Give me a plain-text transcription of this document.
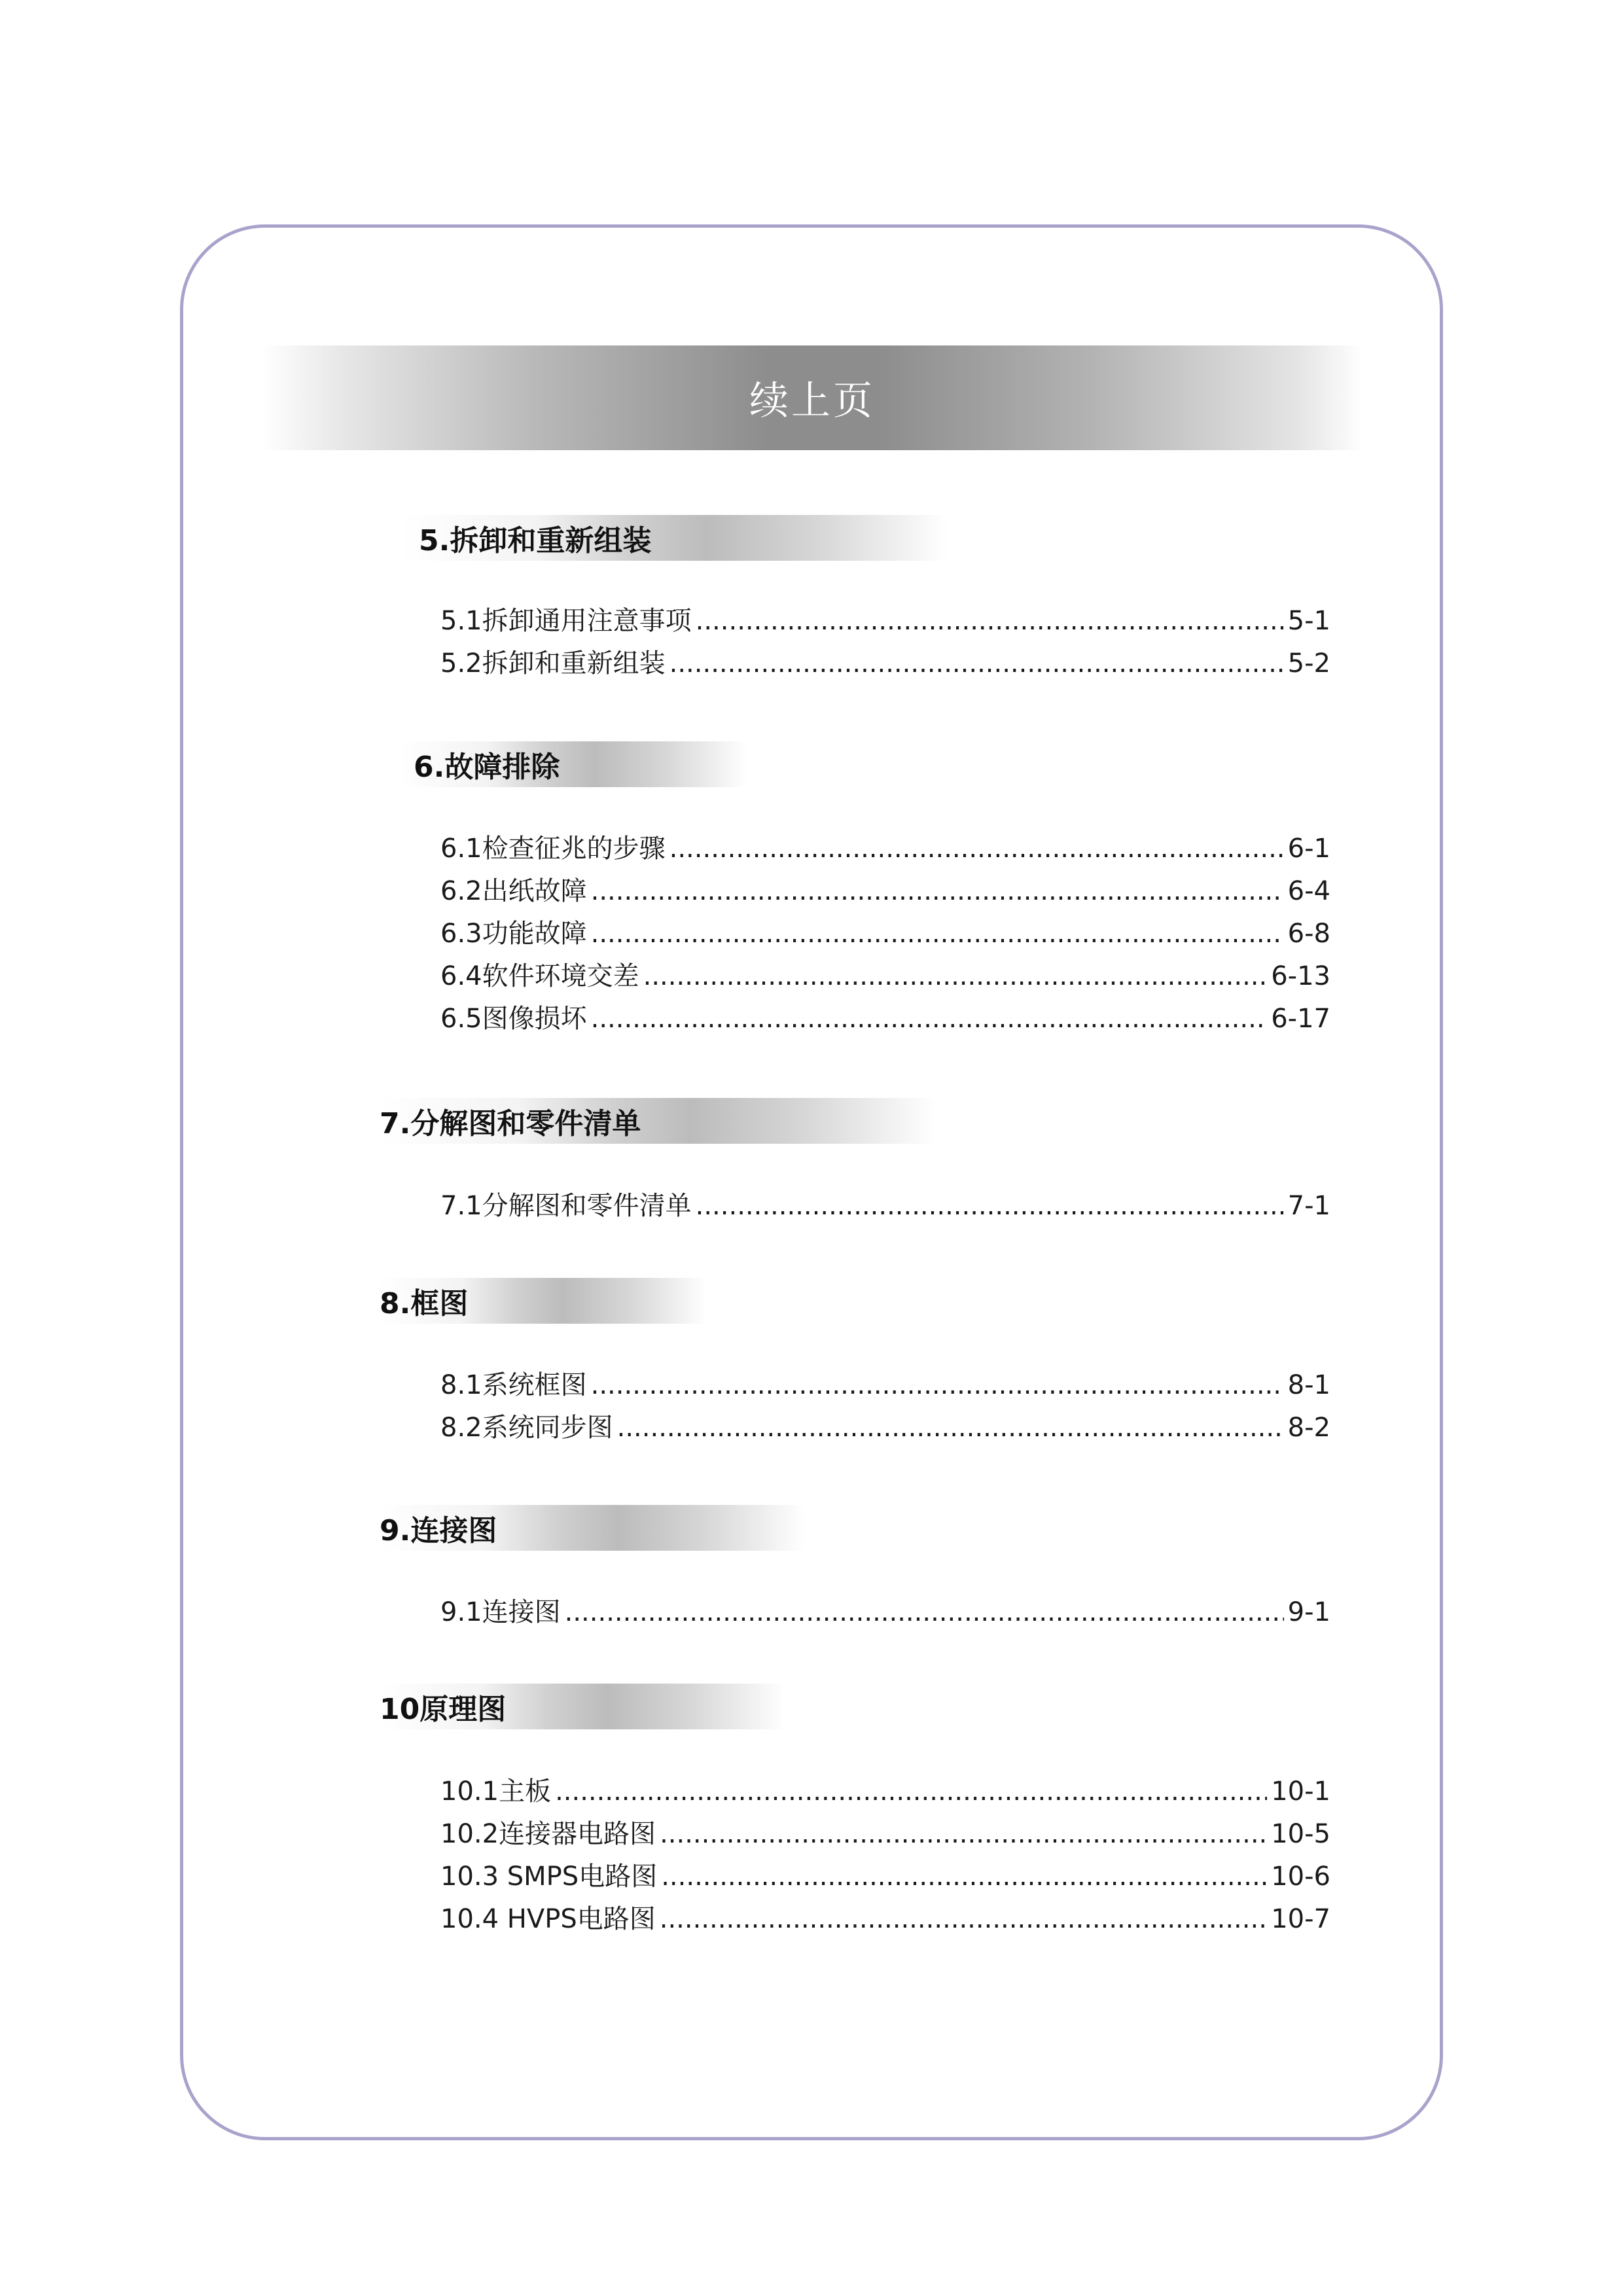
续上页
5.拆卸和重新组装
5.1拆卸通用注意事项 .....	5-1
5.2拆卸和重新组装 .....	5-2
6.故障排除
6.1检查征兆的步骤 .....	6-1
6.2出纸故障 .....	6-4
6.3功能故障 .....	6-8
6.4软件环境交差 .....	6-13
6.5图像损坏 .....	6-17
7.分解图和零件清单
7.1分解图和零件清单 .....	7-1
8.框图
8.1系统框图 .....	8-1
8.2系统同步图 .....	8-2
9.连接图
9.1连接图 .....	9-1
10原理图
10.1主板 .....	10-1
10.2连接器电路图 .....	10-5
10.3 SMPS电路图 .....	10-6
10.4 HVPS电路图 .....	10-7
